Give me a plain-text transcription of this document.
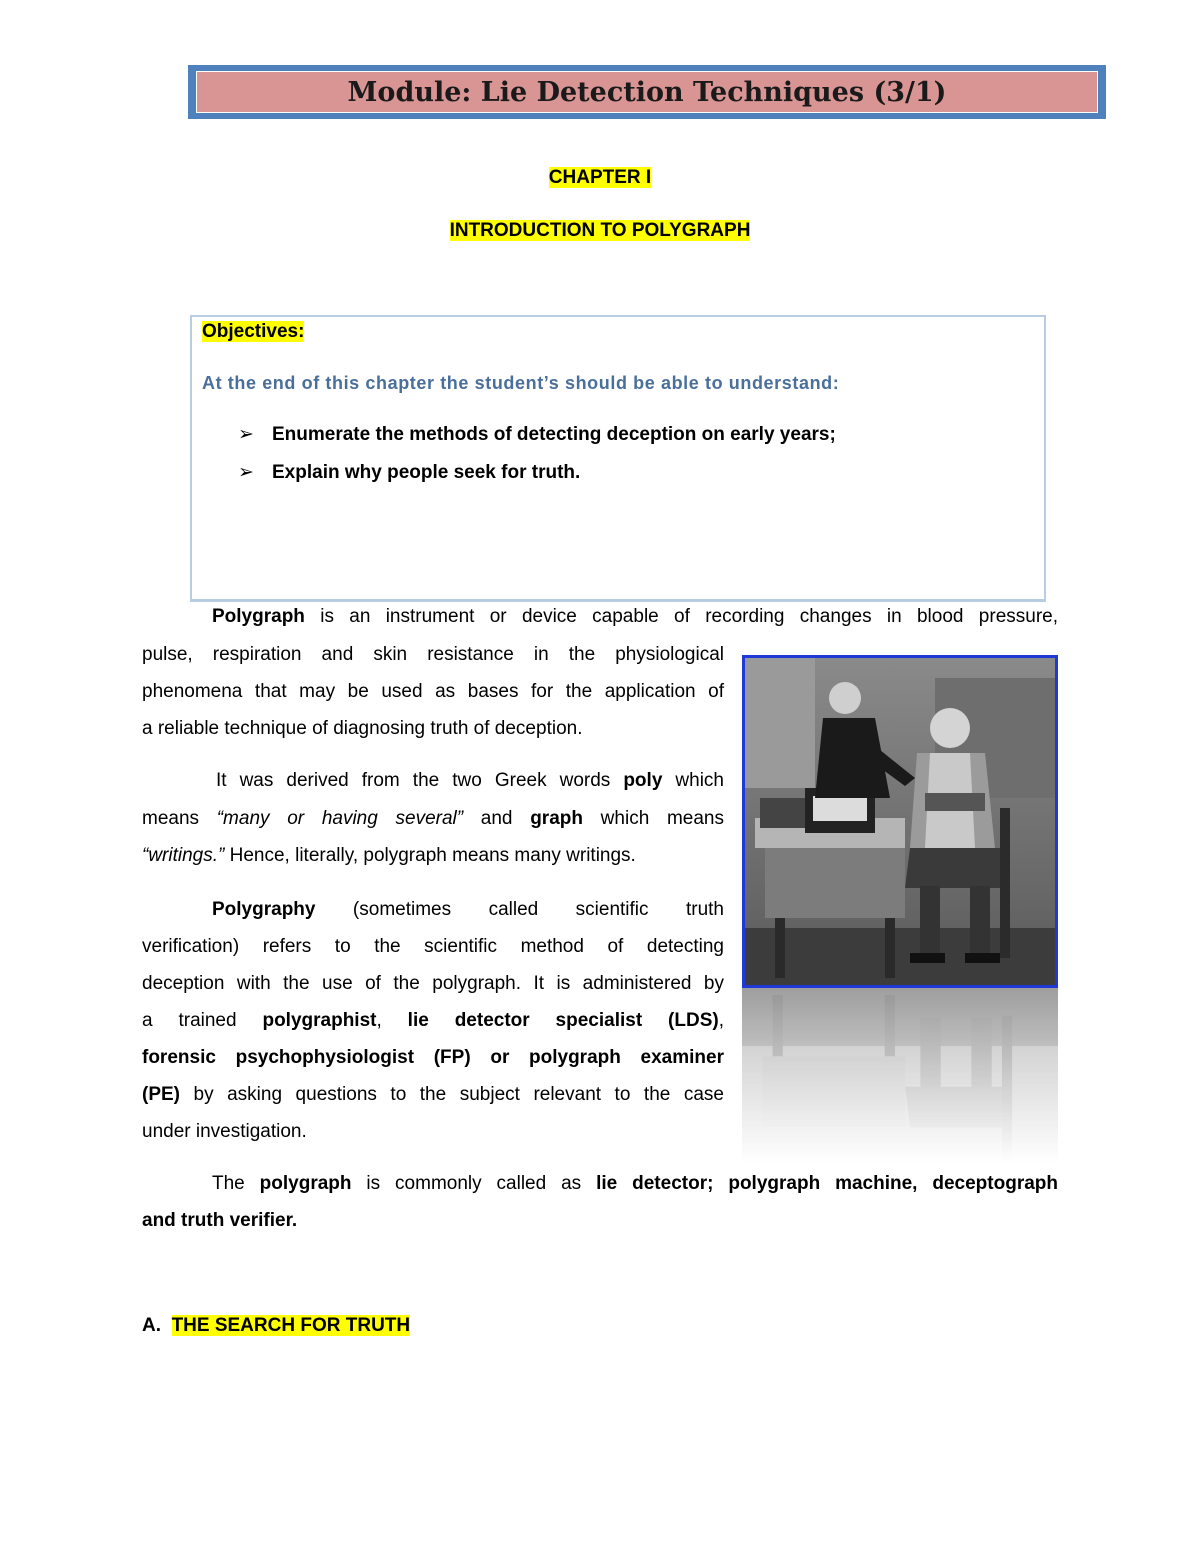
Module: Lie Detection Techniques (3/1)
CHAPTER I
INTRODUCTION TO POLYGRAPH
Objectives:
At the end of this chapter the student’s should be able to understand:
➢ Enumerate the methods of detecting deception on early years;
➢ Explain why people seek for truth.
Polygraph is an instrument or device capable of recording changes in blood pressure,
pulse, respiration and skin resistance in the physiological
phenomena that may be used as bases for the application of
a reliable technique of diagnosing truth of deception.
It was derived from the two Greek words poly which
means “many or having several” and graph which means
“writings.” Hence, literally, polygraph means many writings.
Polygraphy (sometimes called scientific truth
verification) refers to the scientific method of detecting
deception with the use of the polygraph. It is administered by
a trained polygraphist, lie detector specialist (LDS),
forensic psychophysiologist (FP) or polygraph examiner
(PE) by asking questions to the subject relevant to the case
under investigation.
The polygraph is commonly called as lie detector; polygraph machine, deceptograph
and truth verifier.
A. THE SEARCH FOR TRUTH
